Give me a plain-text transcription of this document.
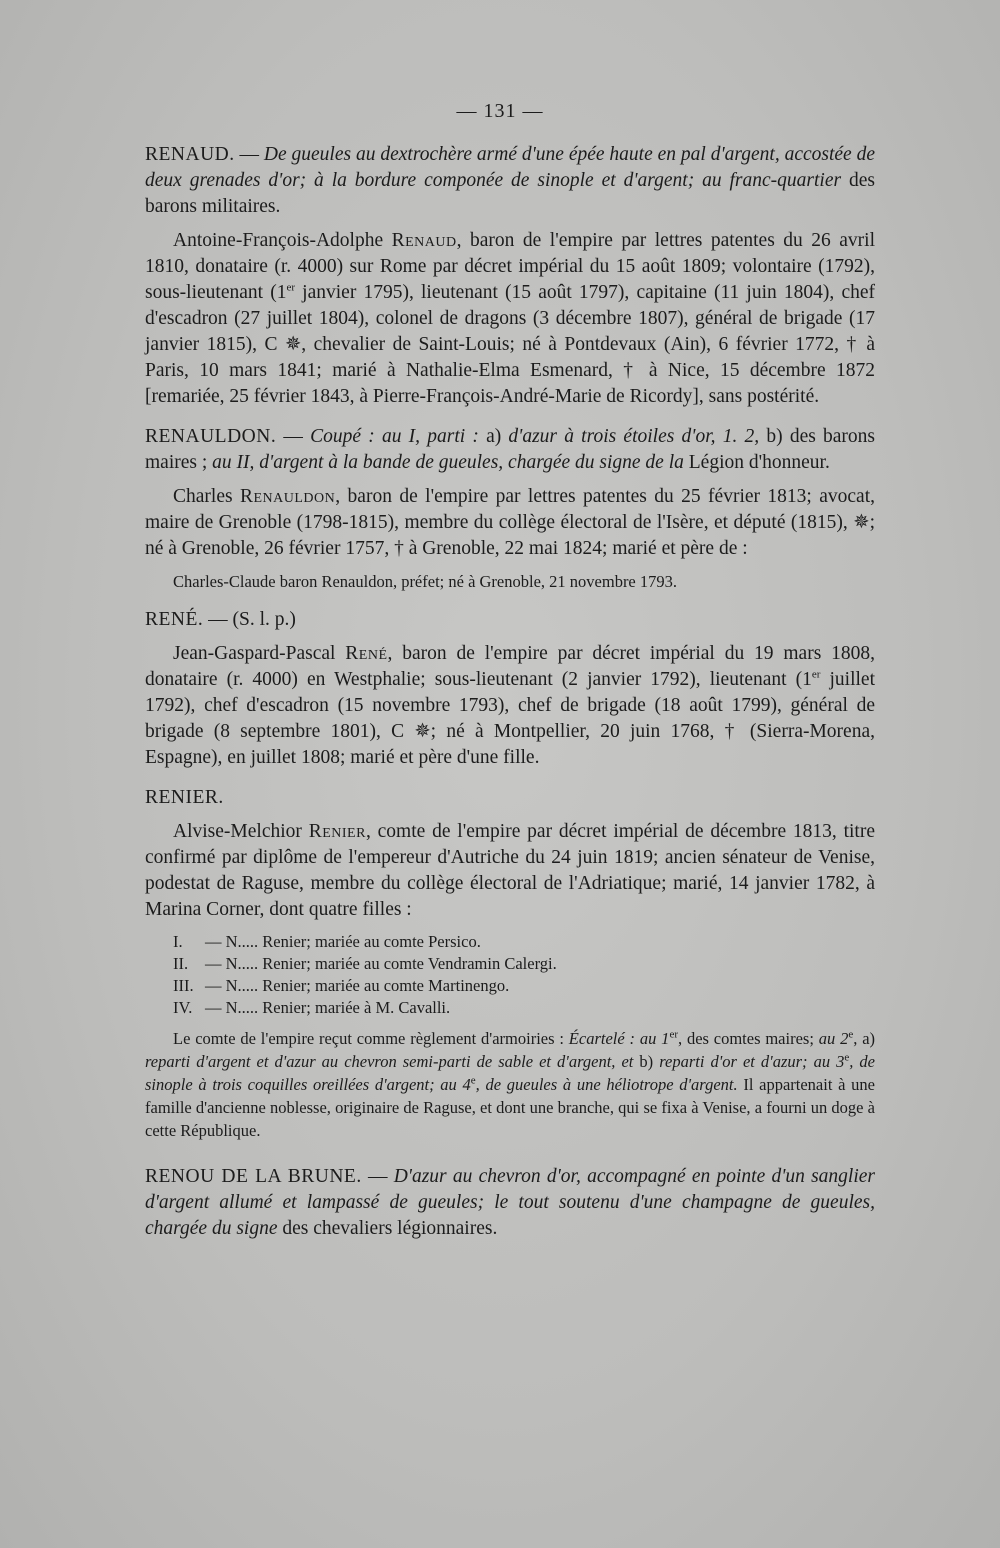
— 131 —

RENAUD. — De gueules au dextrochère armé d'une épée haute en pal d'argent, accostée de deux grenades d'or; à la bordure componée de sinople et d'argent; au franc-quartier des barons militaires.

Antoine-François-Adolphe Renaud, baron de l'empire par lettres patentes du 26 avril 1810, donataire (r. 4000) sur Rome par décret impérial du 15 août 1809; volontaire (1792), sous-lieutenant (1er janvier 1795), lieutenant (15 août 1797), capitaine (11 juin 1804), chef d'escadron (27 juillet 1804), colonel de dragons (3 décembre 1807), général de brigade (17 janvier 1815), C ✵, chevalier de Saint-Louis; né à Pontdevaux (Ain), 6 février 1772, † à Paris, 10 mars 1841; marié à Nathalie-Elma Esmenard, † à Nice, 15 décembre 1872 [remariée, 25 février 1843, à Pierre-François-André-Marie de Ricordy], sans postérité.

RENAULDON. — Coupé : au I, parti : a) d'azur à trois étoiles d'or, 1. 2, b) des barons maires ; au II, d'argent à la bande de gueules, chargée du signe de la Légion d'honneur.

Charles Renauldon, baron de l'empire par lettres patentes du 25 février 1813; avocat, maire de Grenoble (1798-1815), membre du collège électoral de l'Isère, et député (1815), ✵; né à Grenoble, 26 février 1757, † à Grenoble, 22 mai 1824; marié et père de :

Charles-Claude baron Renauldon, préfet; né à Grenoble, 21 novembre 1793.

RENÉ. — (S. l. p.)

Jean-Gaspard-Pascal René, baron de l'empire par décret impérial du 19 mars 1808, donataire (r. 4000) en Westphalie; sous-lieutenant (2 janvier 1792), lieutenant (1er juillet 1792), chef d'escadron (15 novembre 1793), chef de brigade (18 août 1799), général de brigade (8 septembre 1801), C ✵; né à Montpellier, 20 juin 1768, † (Sierra-Morena, Espagne), en juillet 1808; marié et père d'une fille.

RENIER.

Alvise-Melchior Renier, comte de l'empire par décret impérial de décembre 1813, titre confirmé par diplôme de l'empereur d'Autriche du 24 juin 1819; ancien sénateur de Venise, podestat de Raguse, membre du collège électoral de l'Adriatique; marié, 14 janvier 1782, à Marina Corner, dont quatre filles :

I. — N..... Renier; mariée au comte Persico.
II. — N..... Renier; mariée au comte Vendramin Calergi.
III. — N..... Renier; mariée au comte Martinengo.
IV. — N..... Renier; mariée à M. Cavalli.

Le comte de l'empire reçut comme règlement d'armoiries : Écartelé : au 1er, des comtes maires; au 2e, a) reparti d'argent et d'azur au chevron semi-parti de sable et d'argent, et b) reparti d'or et d'azur; au 3e, de sinople à trois coquilles oreillées d'argent; au 4e, de gueules à une héliotrope d'argent. Il appartenait à une famille d'ancienne noblesse, originaire de Raguse, et dont une branche, qui se fixa à Venise, a fourni un doge à cette République.

RENOU DE LA BRUNE. — D'azur au chevron d'or, accompagné en pointe d'un sanglier d'argent allumé et lampassé de gueules; le tout soutenu d'une champagne de gueules, chargée du signe des chevaliers légionnaires.
